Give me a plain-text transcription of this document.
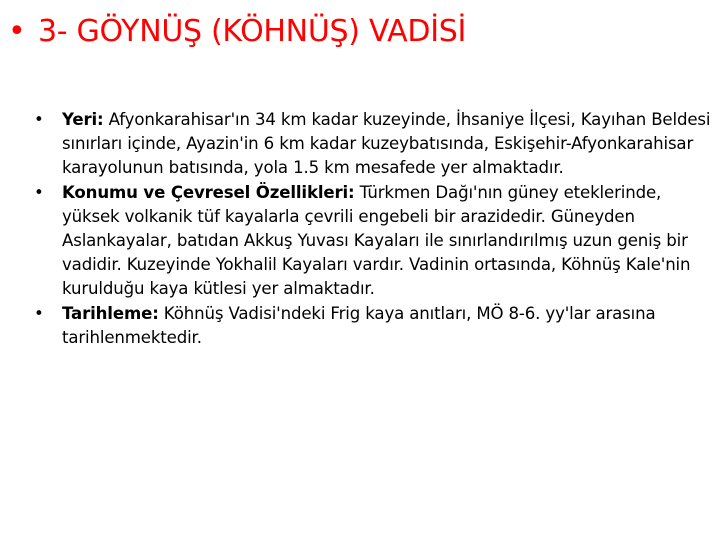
• 3- GÖYNÜŞ (KÖHNÜŞ) VADİSİ
•	Yeri: Afyonkarahisar'ın 34 km kadar kuzeyinde, İhsaniye İlçesi, Kayıhan Beldesi sınırları içinde, Ayazin'in 6 km kadar kuzeybatısında, Eskişehir-Afyonkarahisar karayolunun batısında, yola 1.5 km mesafede yer almaktadır.
•	Konumu ve Çevresel Özellikleri: Türkmen Dağı'nın güney eteklerinde, yüksek volkanik tüf kayalarla çevrili engebeli bir arazidedir. Güneyden Aslankayalar, batıdan Akkuş Yuvası Kayaları ile sınırlandırılmış uzun geniş bir vadidir. Kuzeyinde Yokhalil Kayaları vardır. Vadinin ortasında, Köhnüş Kale'nin kurulduğu kaya kütlesi yer almaktadır.
•	Tarihleme: Köhnüş Vadisi'ndeki Frig kaya anıtları, MÖ 8-6. yy'lar arasına tarihlenmektedir.
